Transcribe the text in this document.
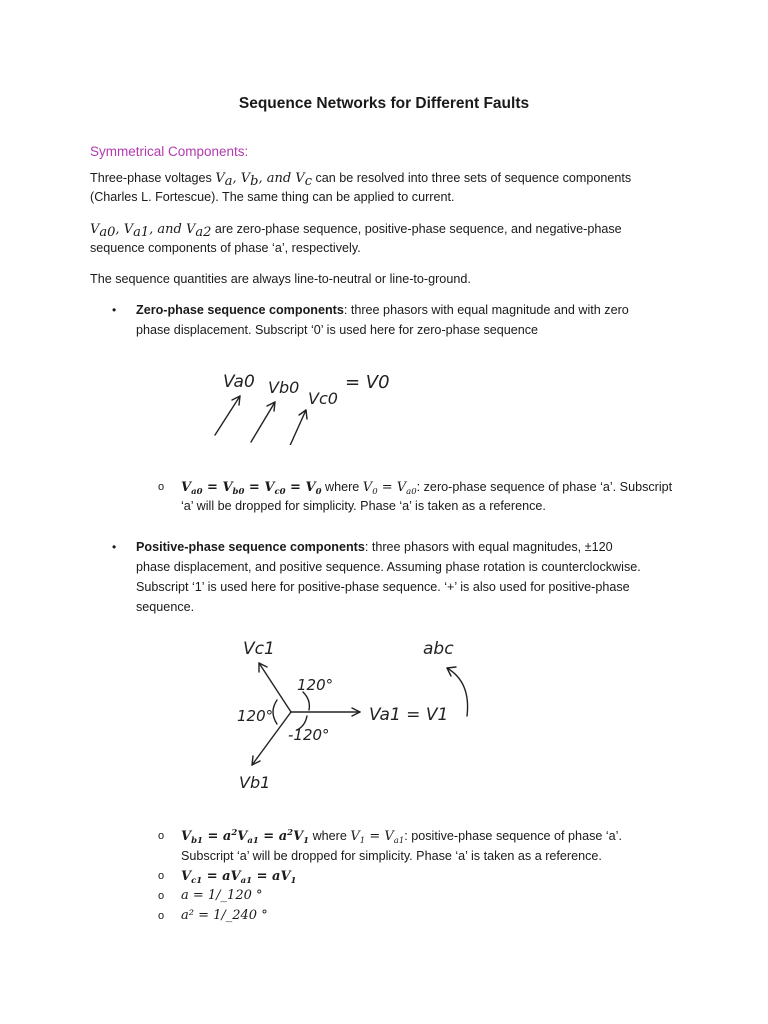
Sequence Networks for Different Faults
Symmetrical Components:
Three-phase voltages $V_a$, $V_b$, and $V_c$ can be resolved into three sets of sequence components
(Charles L. Fortescue). The same thing can be applied to current.
$V_{a0}$, $V_{a1}$, and $V_{a2}$ are zero-phase sequence, positive-phase sequence, and negative-phase
sequence components of phase ‘a’, respectively.
The sequence quantities are always line-to-neutral or line-to-ground.
• Zero-phase sequence components: three phasors with equal magnitude and with zero
phase displacement. Subscript ‘0’ is used here for zero-phase sequence
Va0 Vb0
Vc0
= V0
o $V_{a0} = V_{b0} = V_{c0} = V_0$ where $V_0 = V_{a0}$: zero-phase sequence of phase ‘a’. Subscript
‘a’ will be dropped for simplicity. Phase ‘a’ is taken as a reference.
• Positive-phase sequence components: three phasors with equal magnitudes, ±120
phase displacement, and positive sequence. Assuming phase rotation is counterclockwise.
Subscript ‘1’ is used here for positive-phase sequence. ‘+’ is also used for positive-phase
sequence.
Vc1	abc
120°
120°
-120°
Va1 = V1
Vb1
o $V_{b1} = a^2V_{a1} = a^2V_1$ where $V_1 = V_{a1}$: positive-phase sequence of phase ‘a’.
Subscript ‘a’ will be dropped for simplicity. Phase ‘a’ is taken as a reference.
o $V_{c1} = aV_{a1} = aV_1$
o a = 1/_120 °
o a² = 1/_240 °
